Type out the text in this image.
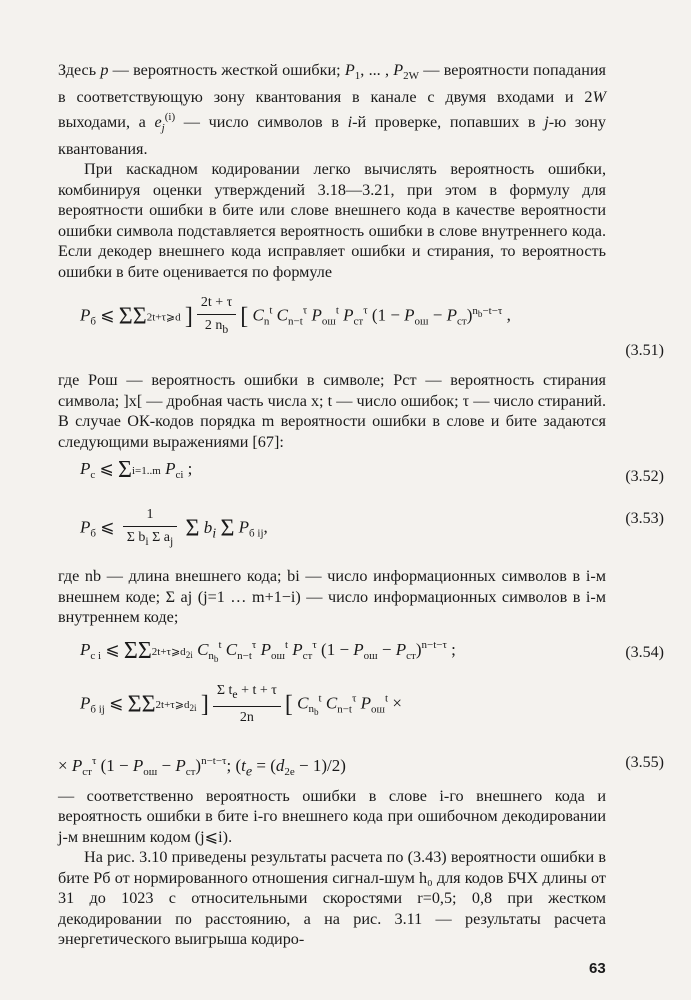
Здесь p — вероятность жесткой ошибки; $P_1$, ... , $P_{2W}$ — вероятности попадания в соответствующую зону квантования в канале с двумя входами и 2W выходами, а $e_j^{(i)}$ — число символов в i-й проверке, попавших в j-ю зону квантования.

При каскадном кодировании легко вычислять вероятность ошибки, комбинируя оценки утверждений 3.18—3.21, при этом в формулу для вероятности ошибки в бите или слове внешнего кода в качестве вероятности ошибки символа подставляется вероятность ошибки в слове внутреннего кода. Если декодер внешнего кода исправляет ошибки и стирания, то вероятность ошибки в бите оценивается по формуле

$P_б$ ⩽ ΣΣ2t+τ⩾d ] $\frac{2t + \tau}{2 n_b}$ [ $C_n^t$ $C_{n-t}^\tau$ $P_{ош}^t$ $P_{ст}^\tau$ $(1 - P_{ош} - P_{ст})^{n_b-t-\tau}$ ,
(3.51)

где Pош — вероятность ошибки в символе; Pст — вероятность стирания символа; ]x[ — дробная часть числа x; t — число ошибок; τ — число стираний. В случае ОК-кодов порядка m вероятности ошибки в слове и бите задаются следующими выражениями [67]:

$P_с$ ⩽ Σi=1..m $P_{сi}$ ;	(3.52)
$P_б$ ⩽ $\frac{1}{\Sigma b_i \Sigma a_j}$ Σ $b_i$ Σ $P_{б ij}$,	(3.53)

где nb — длина внешнего кода; bi — число информационных символов в i-м внешнем коде; Σ aj (j=1 … m+1−i) — число информационных символов в i-м внутреннем коде;

$P_{с i}$ ⩽ $\Sigma\Sigma 2t+\tau⩾d_{2i}$ $C_{n_b}^t$ $C_{n-t}^\tau$ $P_{ош}^t$ $P_{ст}^\tau$ $(1 - P_{ош} - P_{ст})^{n-t-\tau}$ ;	(3.54)
$P_{б ij}$ ⩽ $\Sigma\Sigma 2t+\tau⩾d_{2i}$ ] $\frac{\Sigma t_e + t + \tau}{2n}$ [ $C_{n_b}^t$ $C_{n-t}^\tau$ $P_{ош}^t$ ×
× $P_{ст}^\tau$ $(1 - P_{ош} - P_{ст})^{n-t-\tau}$; $(t_e = (d_{2e} - 1)/2)$	(3.55)

— соответственно вероятность ошибки в слове i-го внешнего кода и вероятность ошибки в бите i-го внешнего кода при ошибочном декодировании j-м внешним кодом (j⩽i).

На рис. 3.10 приведены результаты расчета по (3.43) вероятности ошибки в бите Pб от нормированного отношения сигнал-шум h₀ для кодов БЧХ длины от 31 до 1023 с относительными скоростями r=0,5; 0,8 при жестком декодировании по расстоянию, а на рис. 3.11 — результаты расчета энергетического выигрыша кодиро-

63
